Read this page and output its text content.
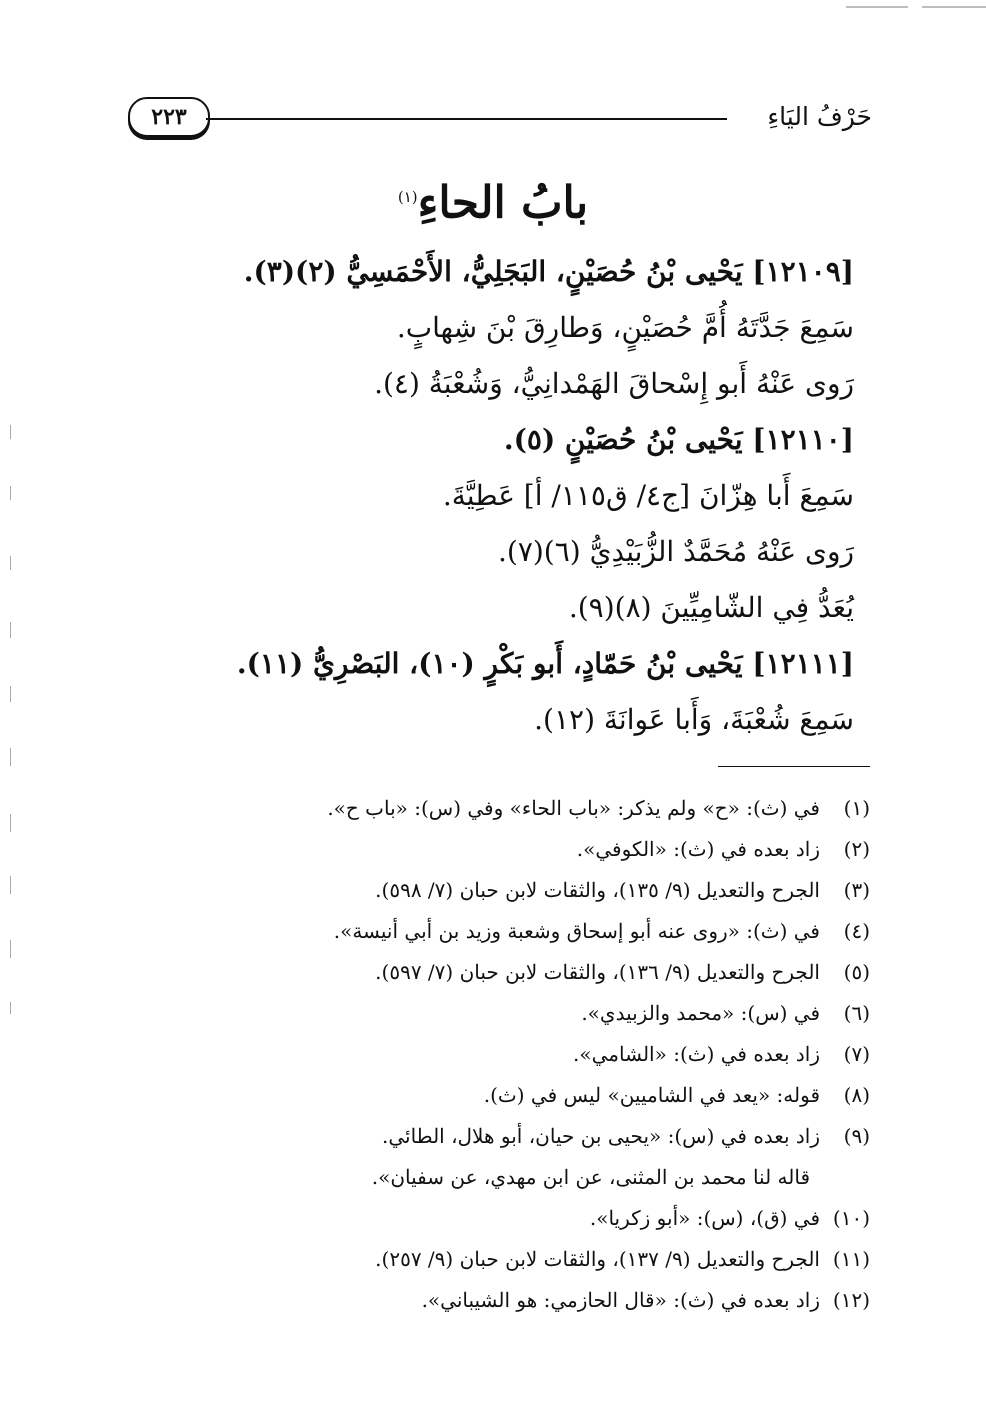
٢٢٣	حَرْفُ اليَاءِ
بابُ الحاءِ$^{(١)}$
[١٢١٠٩] يَحْيى بْنُ حُصَيْنٍ، البَجَلِيُّ، الأَحْمَسِيُّ (٢)(٣).
سَمِعَ جَدَّتَهُ أُمَّ حُصَيْنٍ، وَطارِقَ بْنَ شِهابٍ.
رَوى عَنْهُ أَبو إِسْحاقَ الهَمْدانِيُّ، وَشُعْبَةُ (٤).
[١٢١١٠] يَحْيى بْنُ حُصَيْنٍ (٥).
سَمِعَ أَبا هِزّانَ [ج٤/ ق١١٥/ أ] عَطِيَّةَ.
رَوى عَنْهُ مُحَمَّدٌ الزُّبَيْدِيُّ (٦)(٧).
يُعَدُّ فِي الشّامِيِّينَ (٨)(٩).
[١٢١١١] يَحْيى بْنُ حَمّادٍ، أَبو بَكْرٍ (١٠)، البَصْرِيُّ (١١).
سَمِعَ شُعْبَةَ، وَأَبا عَوانَةَ (١٢).
(١)في (ث): «ح» ولم يذكر: «باب الحاء» وفي (س): «باب ح».
(٢)زاد بعده في (ث): «الكوفي».
(٣)الجرح والتعديل (٩/ ١٣٥)، والثقات لابن حبان (٧/ ٥٩٨).
(٤)في (ث): «روى عنه أبو إسحاق وشعبة وزيد بن أبي أنيسة».
(٥)الجرح والتعديل (٩/ ١٣٦)، والثقات لابن حبان (٧/ ٥٩٧).
(٦)في (س): «محمد والزبيدي».
(٧)زاد بعده في (ث): «الشامي».
(٨)قوله: «يعد في الشاميين» ليس في (ث).
(٩)زاد بعده في (س): «يحيى بن حيان، أبو هلال، الطائي.
قاله لنا محمد بن المثنى، عن ابن مهدي، عن سفيان».
(١٠)في (ق)، (س): «أبو زكريا».
(١١)الجرح والتعديل (٩/ ١٣٧)، والثقات لابن حبان (٩/ ٢٥٧).
(١٢)زاد بعده في (ث): «قال الحازمي: هو الشيباني».
